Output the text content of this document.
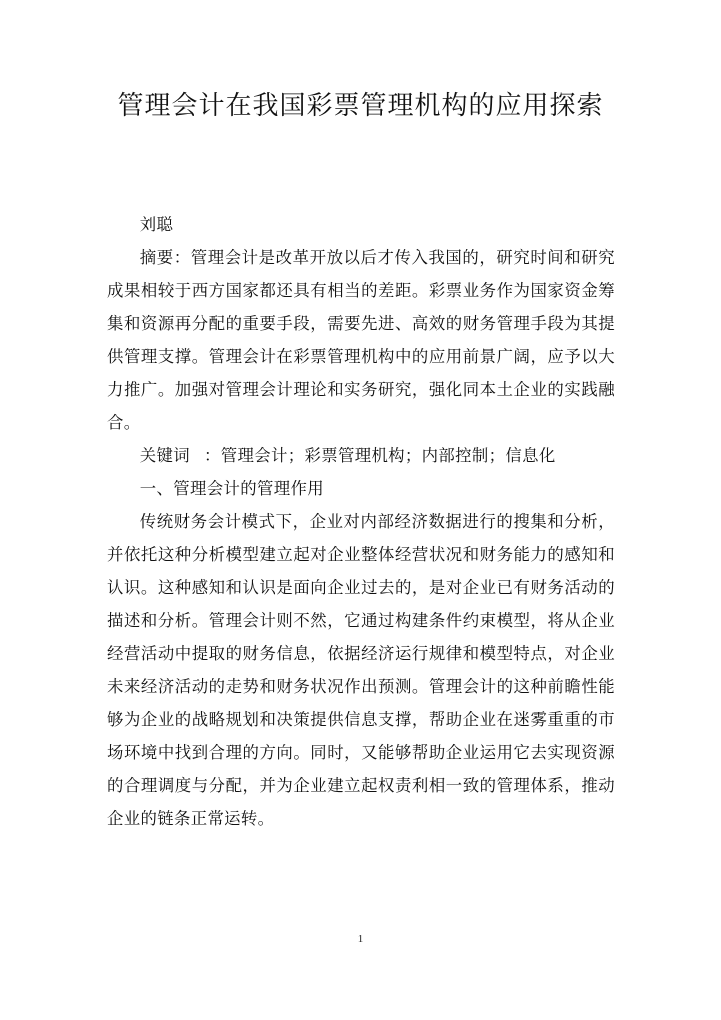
管理会计在我国彩票管理机构的应用探索

刘聪

摘要：管理会计是改革开放以后才传入我国的，研究时间和研究成果相较于西方国家都还具有相当的差距。彩票业务作为国家资金筹集和资源再分配的重要手段，需要先进、高效的财务管理手段为其提供管理支撑。管理会计在彩票管理机构中的应用前景广阔，应予以大力推广。加强对管理会计理论和实务研究，强化同本土企业的实践融合。

关键词 ：管理会计；彩票管理机构；内部控制；信息化

一、管理会计的管理作用

传统财务会计模式下，企业对内部经济数据进行的搜集和分析，并依托这种分析模型建立起对企业整体经营状况和财务能力的感知和认识。这种感知和认识是面向企业过去的，是对企业已有财务活动的描述和分析。管理会计则不然，它通过构建条件约束模型，将从企业经营活动中提取的财务信息，依据经济运行规律和模型特点，对企业未来经济活动的走势和财务状况作出预测。管理会计的这种前瞻性能够为企业的战略规划和决策提供信息支撑，帮助企业在迷雾重重的市场环境中找到合理的方向。同时，又能够帮助企业运用它去实现资源的合理调度与分配，并为企业建立起权责利相一致的管理体系，推动企业的链条正常运转。

1
